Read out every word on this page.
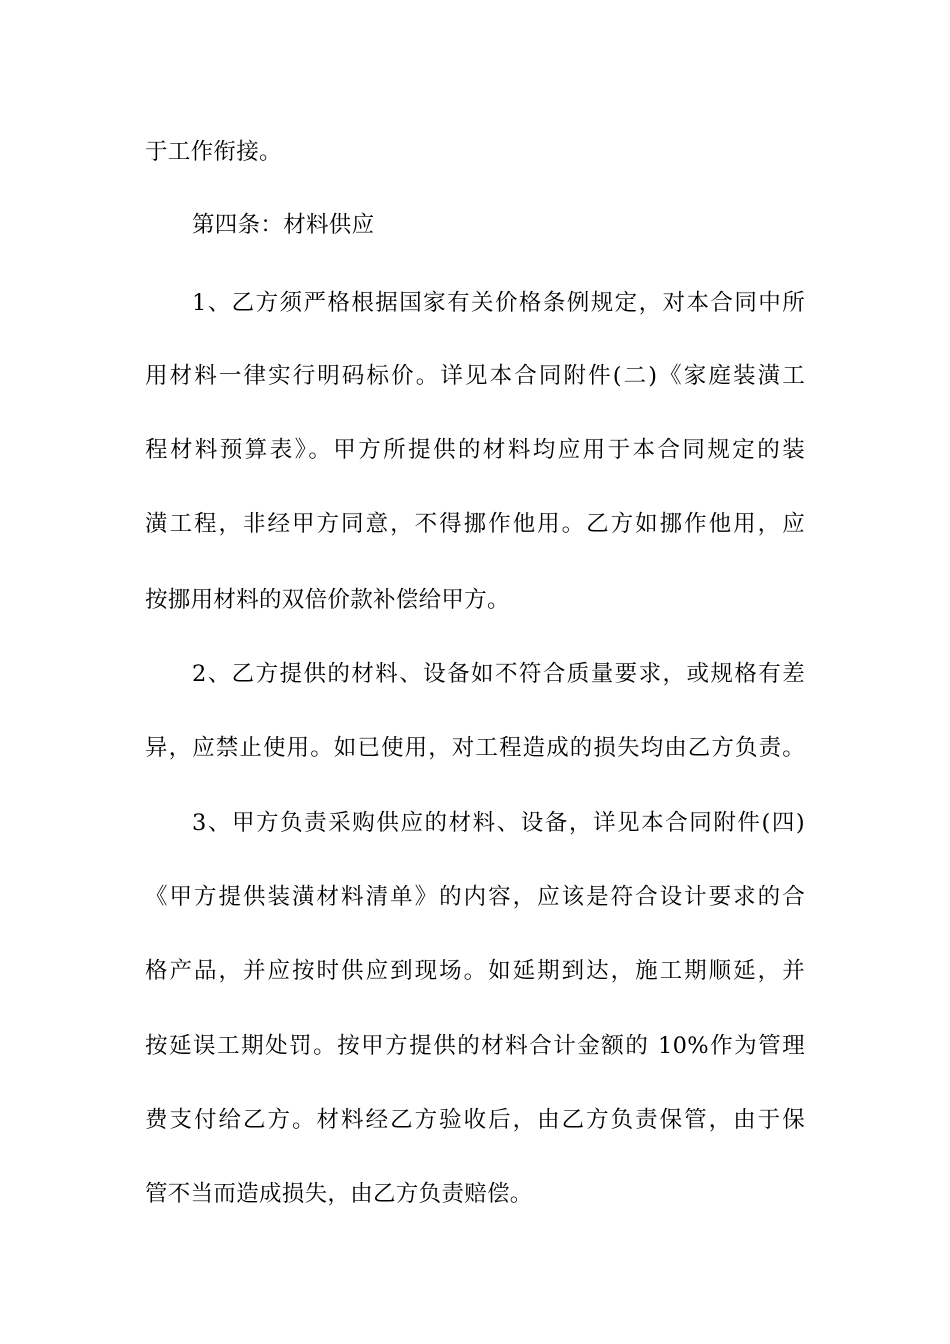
于工作衔接。
第四条：材料供应
1、乙方须严格根据国家有关价格条例规定，对本合同中所
用材料一律实行明码标价。详见本合同附件(二)《家庭装潢工
程材料预算表》。甲方所提供的材料均应用于本合同规定的装
潢工程，非经甲方同意，不得挪作他用。乙方如挪作他用，应
按挪用材料的双倍价款补偿给甲方。
2、乙方提供的材料、设备如不符合质量要求，或规格有差
异，应禁止使用。如已使用，对工程造成的损失均由乙方负责。
3、甲方负责采购供应的材料、设备，详见本合同附件(四)
《甲方提供装潢材料清单》的内容，应该是符合设计要求的合
格产品，并应按时供应到现场。如延期到达，施工期顺延，并
按延误工期处罚。按甲方提供的材料合计金额的 10%作为管理
费支付给乙方。材料经乙方验收后，由乙方负责保管，由于保
管不当而造成损失，由乙方负责赔偿。
